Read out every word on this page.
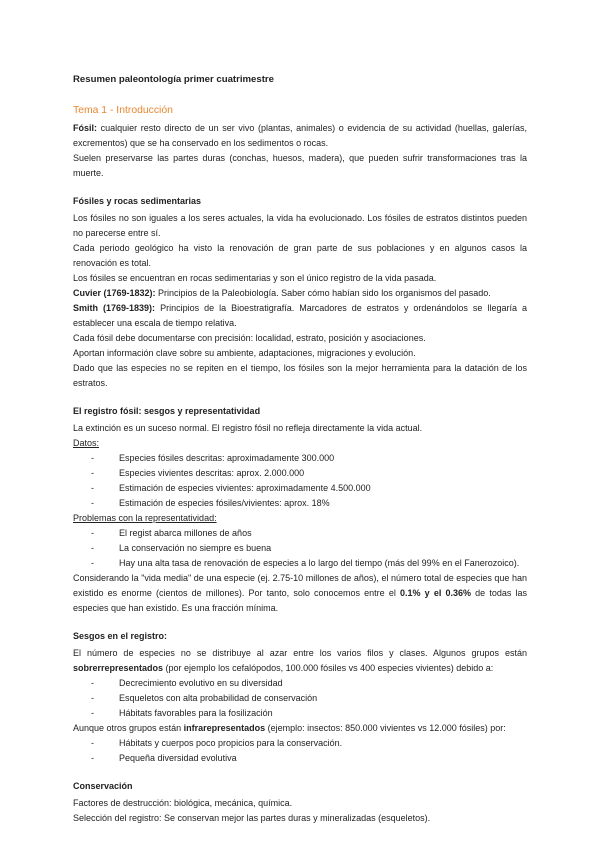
Resumen paleontología primer cuatrimestre

Tema 1 - Introducción

Fósil: cualquier resto directo de un ser vivo (plantas, animales) o evidencia de su actividad (huellas, galerías, excrementos) que se ha conservado en los sedimentos o rocas.

Suelen preservarse las partes duras (conchas, huesos, madera), que pueden sufrir transformaciones tras la muerte.

Fósiles y rocas sedimentarias

Los fósiles no son iguales a los seres actuales, la vida ha evolucionado. Los fósiles de estratos distintos pueden no parecerse entre sí.

Cada periodo geológico ha visto la renovación de gran parte de sus poblaciones y en algunos casos la renovación es total.

Los fósiles se encuentran en rocas sedimentarias y son el único registro de la vida pasada.

Cuvier (1769-1832): Principios de la Paleobiología. Saber cómo habían sido los organismos del pasado.

Smith (1769-1839): Principios de la Bioestratigrafía. Marcadores de estratos y ordenándolos se llegaría a establecer una escala de tiempo relativa.

Cada fósil debe documentarse con precisión: localidad, estrato, posición y asociaciones.

Aportan información clave sobre su ambiente, adaptaciones, migraciones y evolución.

Dado que las especies no se repiten en el tiempo, los fósiles son la mejor herramienta para la datación de los estratos.

El registro fósil: sesgos y representatividad

La extinción es un suceso normal. El registro fósil no refleja directamente la vida actual.

Datos:

- Especies fósiles descritas: aproximadamente 300.000
- Especies vivientes descritas: aprox. 2.000.000
- Estimación de especies vivientes: aproximadamente 4.500.000
- Estimación de especies fósiles/vivientes: aprox. 18%

Problemas con la representatividad:

- El regist abarca millones de años
- La conservación no siempre es buena
- Hay una alta tasa de renovación de especies a lo largo del tiempo (más del 99% en el Fanerozoico).

Considerando la "vida media" de una especie (ej. 2.75-10 millones de años), el número total de especies que han existido es enorme (cientos de millones). Por tanto, solo conocemos entre el 0.1% y el 0.36% de todas las especies que han existido. Es una fracción mínima.

Sesgos en el registro:

El número de especies no se distribuye al azar entre los varios filos y clases. Algunos grupos están sobrerrepresentados (por ejemplo los cefalópodos, 100.000 fósiles vs 400 especies vivientes) debido a:

- Decrecimiento evolutivo en su diversidad
- Esqueletos con alta probabilidad de conservación
- Hábitats favorables para la fosilización

Aunque otros grupos están infrarepresentados (ejemplo: insectos: 850.000 vivientes vs 12.000 fósiles) por:

- Hábitats y cuerpos poco propicios para la conservación.
- Pequeña diversidad evolutiva

Conservación

Factores de destrucción: biológica, mecánica, química.

Selección del registro: Se conservan mejor las partes duras y mineralizadas (esqueletos).
